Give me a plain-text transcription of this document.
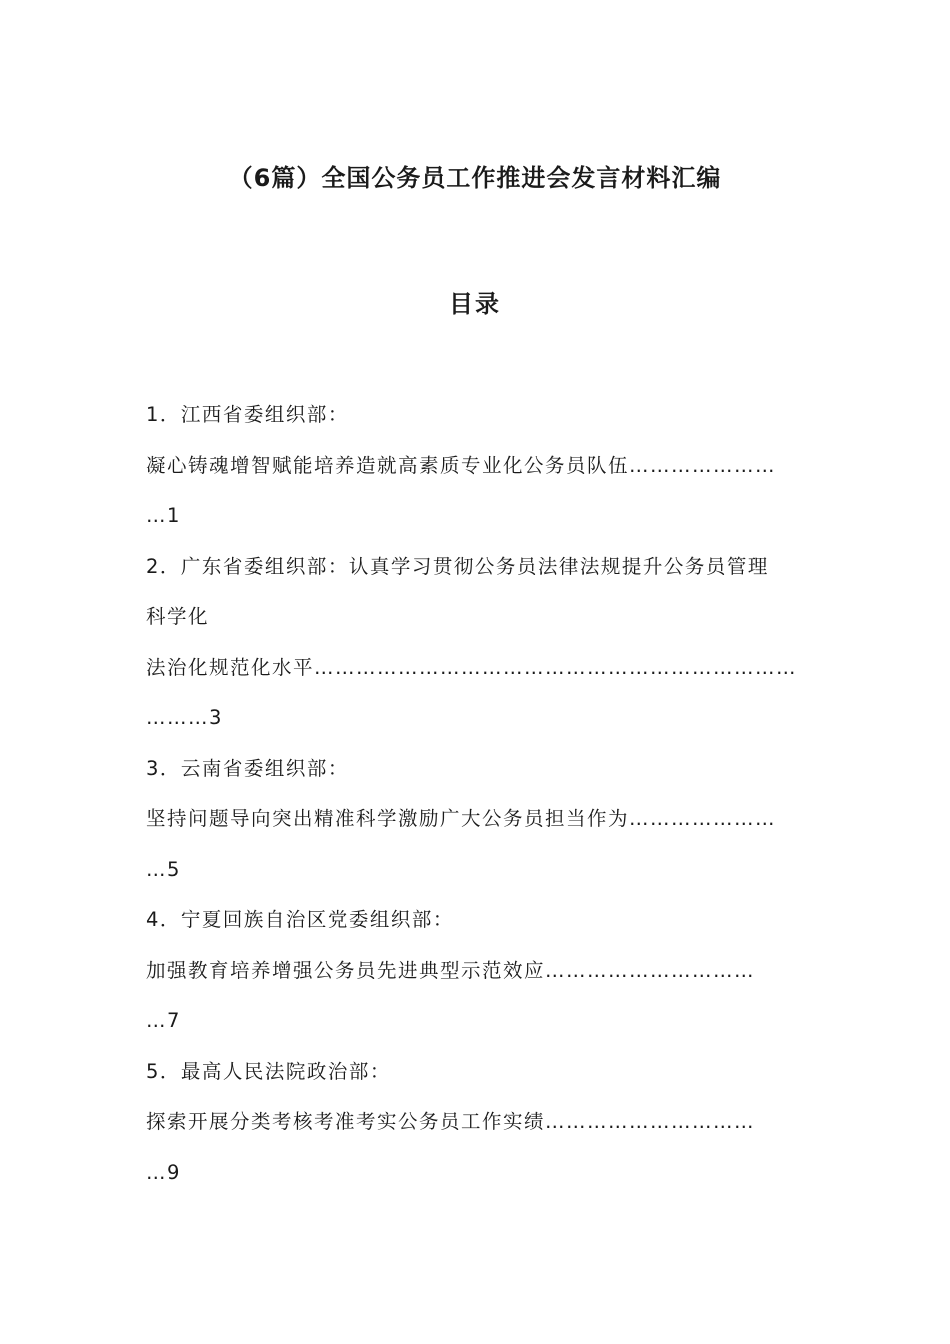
（6篇）全国公务员工作推进会发言材料汇编
目录
1．江西省委组织部：
凝心铸魂增智赋能培养造就高素质专业化公务员队伍…………………
…1
2．广东省委组织部：认真学习贯彻公务员法律法规提升公务员管理
科学化
法治化规范化水平……………………………………………………………
………3
3．云南省委组织部：
坚持问题导向突出精准科学激励广大公务员担当作为…………………
…5
4．宁夏回族自治区党委组织部：
加强教育培养增强公务员先进典型示范效应…………………………
…7
5．最高人民法院政治部：
探索开展分类考核考准考实公务员工作实绩…………………………
…9
